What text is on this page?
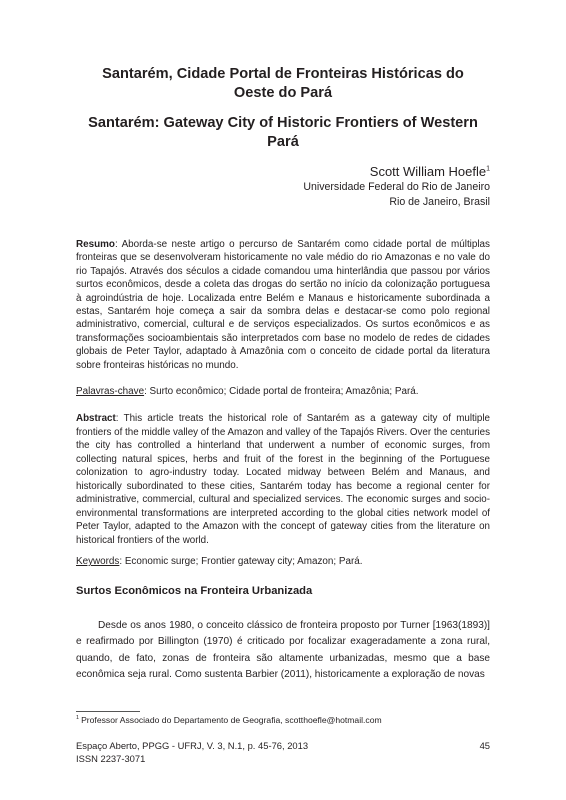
Santarém, Cidade Portal de Fronteiras Históricas do Oeste do Pará
Santarém: Gateway City of Historic Frontiers of Western Pará
Scott William Hoefle$^1$
Universidade Federal do Rio de Janeiro
Rio de Janeiro, Brasil

Resumo: Aborda-se neste artigo o percurso de Santarém como cidade portal de múltiplas fronteiras que se desenvolveram historicamente no vale médio do rio Amazonas e no vale do rio Tapajós. Através dos séculos a cidade comandou uma hinterlândia que passou por vários surtos econômicos, desde a coleta das drogas do sertão no início da colonização portuguesa à agroindústria de hoje. Localizada entre Belém e Manaus e historicamente subordinada a estas, Santarém hoje começa a sair da sombra delas e destacar-se como polo regional administrativo, comercial, cultural e de serviços especializados. Os surtos econômicos e as transformações socioambientais são interpretados com base no modelo de redes de cidades globais de Peter Taylor, adaptado à Amazônia com o conceito de cidade portal da literatura sobre fronteiras históricas no mundo.

Palavras-chave: Surto econômico; Cidade portal de fronteira; Amazônia; Pará.

Abstract: This article treats the historical role of Santarém as a gateway city of multiple frontiers of the middle valley of the Amazon and valley of the Tapajós Rivers. Over the centuries the city has controlled a hinterland that underwent a number of economic surges, from collecting natural spices, herbs and fruit of the forest in the beginning of the Portuguese colonization to agro-industry today. Located midway between Belém and Manaus, and historically subordinated to these cities, Santarém today has become a regional center for administrative, commercial, cultural and specialized services. The economic surges and socio-environmental transformations are interpreted according to the global cities network model of Peter Taylor, adapted to the Amazon with the concept of gateway cities from the literature on historical frontiers of the world.

Keywords: Economic surge; Frontier gateway city; Amazon; Pará.

Surtos Econômicos na Fronteira Urbanizada

Desde os anos 1980, o conceito clássico de fronteira proposto por Turner [1963(1893)] e reafirmado por Billington (1970) é criticado por focalizar exageradamente a zona rural, quando, de fato, zonas de fronteira são altamente urbanizadas, mesmo que a base econômica seja rural. Como sustenta Barbier (2011), historicamente a exploração de novas

$^1$ Professor Associado do Departamento de Geografia, scotthoefle@hotmail.com
Espaço Aberto, PPGG - UFRJ, V. 3, N.1, p. 45-76, 2013
ISSN 2237-3071
45
